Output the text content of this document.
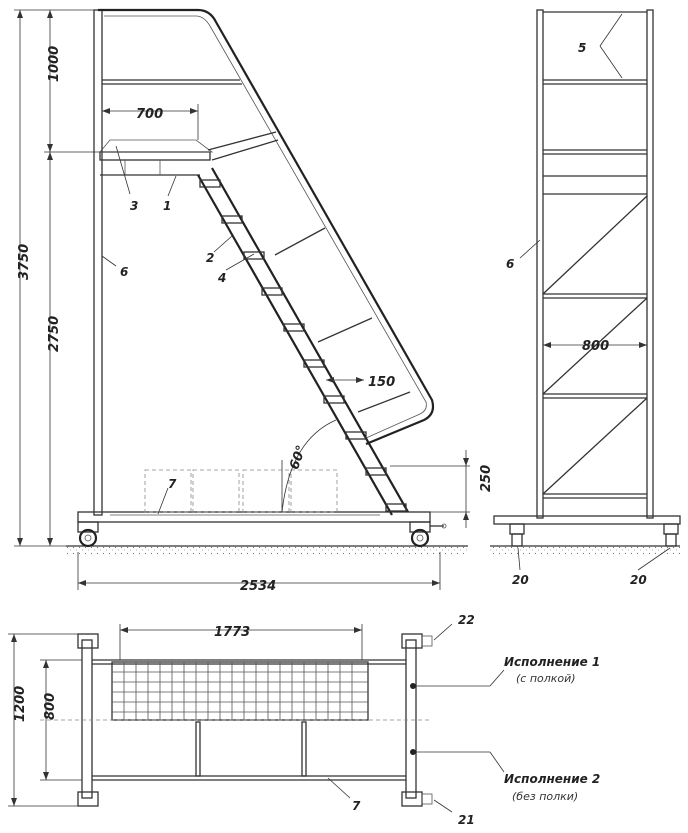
700
150
60°
250
2534
3750
1000
2750
3 1
2
4
6
7
800
5
6
20	20
1773
1200 800
22
21
7
Исполнение 1
(с полкой)
Исполнение 2
(без полки)
